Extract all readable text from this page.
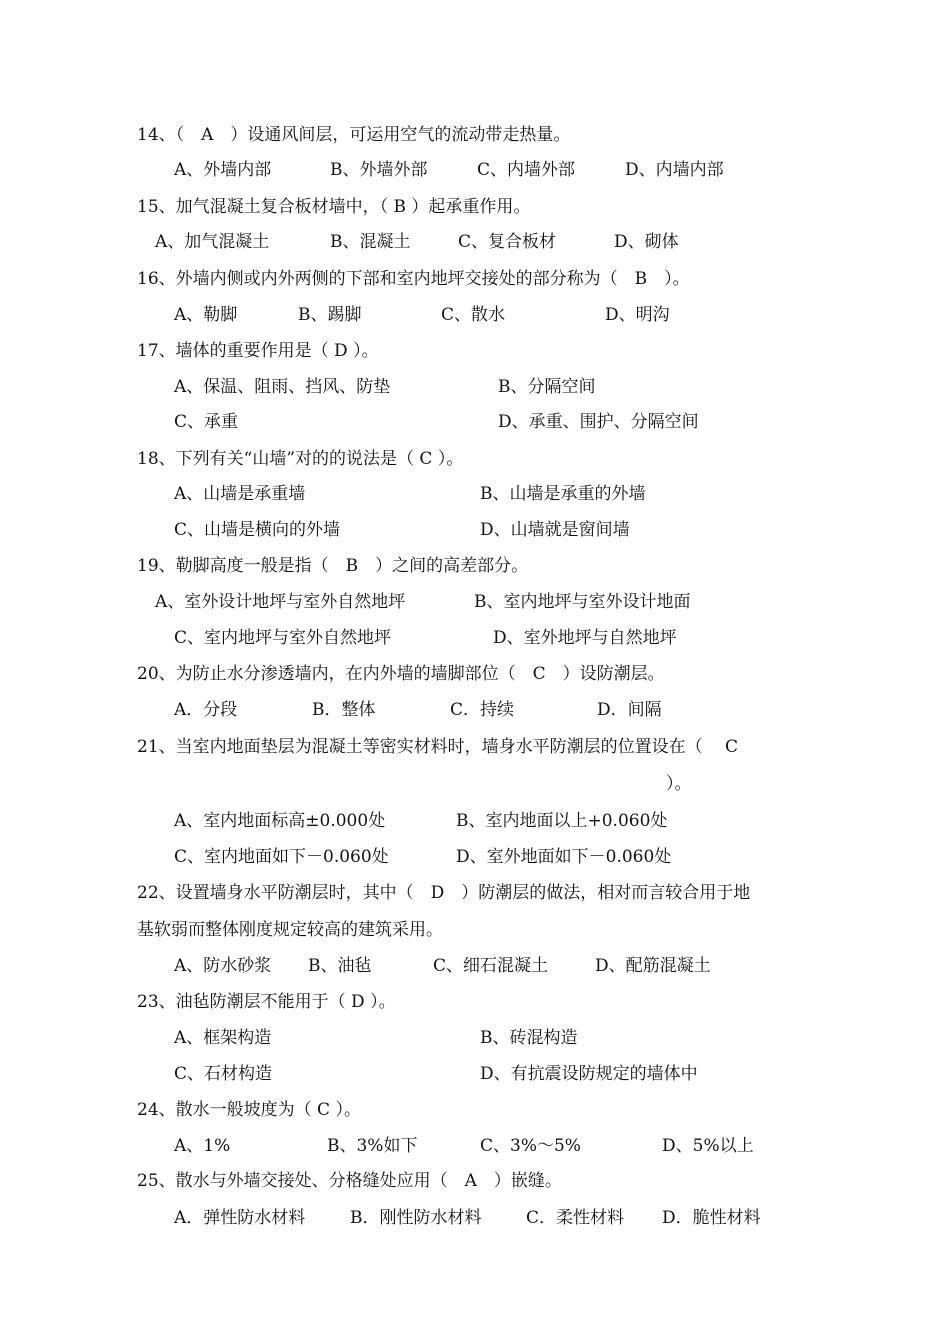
14、（　A　）设通风间层，可运用空气的流动带走热量。
A、外墙内部	B、外墙外部	C、内墙外部	D、内墙内部
15、加气混凝土复合板材墙中，（ B ）起承重作用。
A、加气混凝土	B、混凝土	C、复合板材	D、砌体
16、外墙内侧或内外两侧的下部和室内地坪交接处的部分称为（　B　）。
A、勒脚	B、踢脚	C、散水	D、明沟
17、墙体的重要作用是（ D ）。
A、保温、阻雨、挡风、防垫	B、分隔空间
C、承重	D、承重、围护、分隔空间
18、下列有关“山墙”对的的说法是（ C ）。
A、山墙是承重墙	B、山墙是承重的外墙
C、山墙是横向的外墙	D、山墙就是窗间墙
19、勒脚高度一般是指（　B　）之间的高差部分。
A、室外设计地坪与室外自然地坪	B、室内地坪与室外设计地面
C、室内地坪与室外自然地坪	D、室外地坪与自然地坪
20、为防止水分渗透墙内，在内外墙的墙脚部位（　C　）设防潮层。
A．分段	B．整体	C．持续	D．间隔
21、当室内地面垫层为混凝土等密实材料时，墙身水平防潮层的位置设在（　 C
）。
A、室内地面标高±0.000处	B、室内地面以上+0.060处
C、室内地面如下－0.060处	D、室外地面如下－0.060处
22、设置墙身水平防潮层时，其中（　D　）防潮层的做法，相对而言较合用于地
基软弱而整体刚度规定较高的建筑采用。
A、防水砂浆 B、油毡	C、细石混凝土	D、配筋混凝土
23、油毡防潮层不能用于（ D ）。
A、框架构造	B、砖混构造
C、石材构造	D、有抗震设防规定的墙体中
24、散水一般坡度为（ C ）。
A、1%	B、3%如下	C、3%～5%	D、5%以上
25、散水与外墙交接处、分格缝处应用（　A　）嵌缝。
A．弹性防水材料	B．刚性防水材料	C．柔性材料 D．脆性材料
